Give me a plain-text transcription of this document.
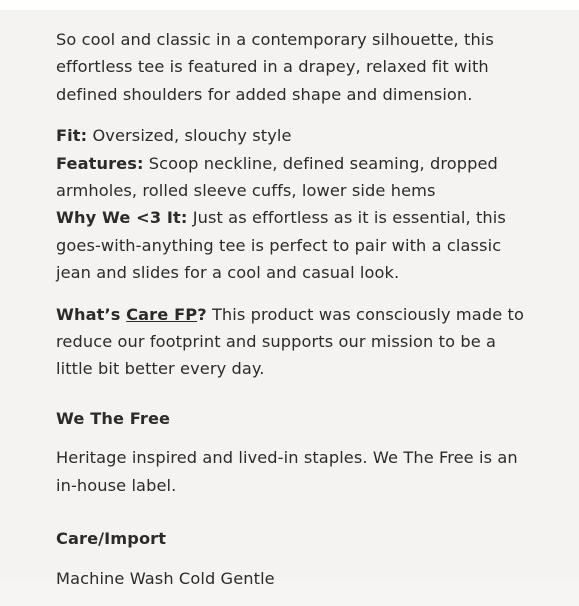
So cool and classic in a contemporary silhouette, this effortless tee is featured in a drapey, relaxed fit with defined shoulders for added shape and dimension.

Fit: Oversized, slouchy style
Features: Scoop neckline, defined seaming, dropped armholes, rolled sleeve cuffs, lower side hems
Why We <3 It: Just as effortless as it is essential, this goes-with-anything tee is perfect to pair with a classic jean and slides for a cool and casual look.

What’s Care FP? This product was consciously made to reduce our footprint and supports our mission to be a little bit better every day.

We The Free

Heritage inspired and lived-in staples. We The Free is an in-house label.

Care/Import

Machine Wash Cold Gentle
